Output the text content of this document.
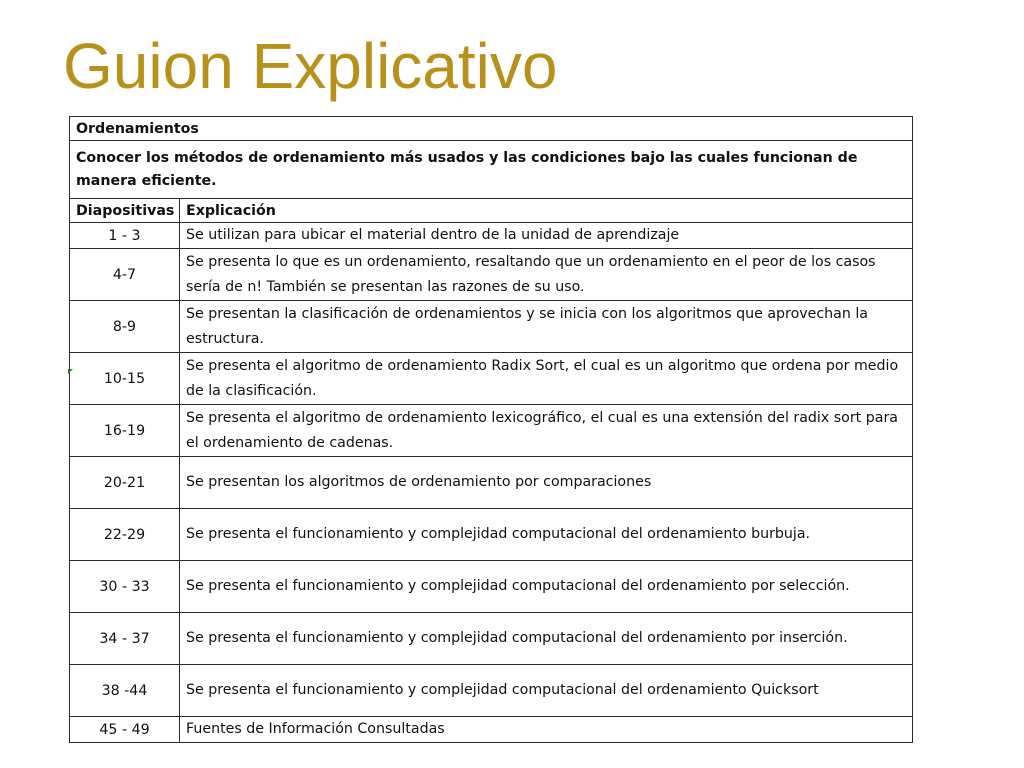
Guion Explicativo
Ordenamientos	
Conocer los métodos de ordenamiento más usados y las condiciones bajo las cuales funcionan de manera eficiente.	
Diapositivas	Explicación
1 - 3	Se utilizan para ubicar el material dentro de la unidad de aprendizaje
4-7	Se presenta lo que es un ordenamiento, resaltando que un ordenamiento en el peor de los casos sería de n! También se presentan las razones de su uso.
8-9	Se presentan la clasificación de ordenamientos y se inicia con los algoritmos que aprovechan la estructura.

10-15	Se presenta el algoritmo de ordenamiento Radix Sort, el cual es un algoritmo que ordena por medio de la clasificación.
16-19	Se presenta el algoritmo de ordenamiento lexicográfico, el cual es una extensión del radix sort para el ordenamiento de cadenas.
20-21	Se presentan los algoritmos de ordenamiento por comparaciones
22-29	Se presenta el funcionamiento y complejidad computacional del ordenamiento burbuja.
30 - 33	Se presenta el funcionamiento y complejidad computacional del ordenamiento por selección.
34 - 37	Se presenta el funcionamiento y complejidad computacional del ordenamiento por inserción.
38 -44	Se presenta el funcionamiento y complejidad computacional del ordenamiento Quicksort
45 - 49	Fuentes de Información Consultadas
